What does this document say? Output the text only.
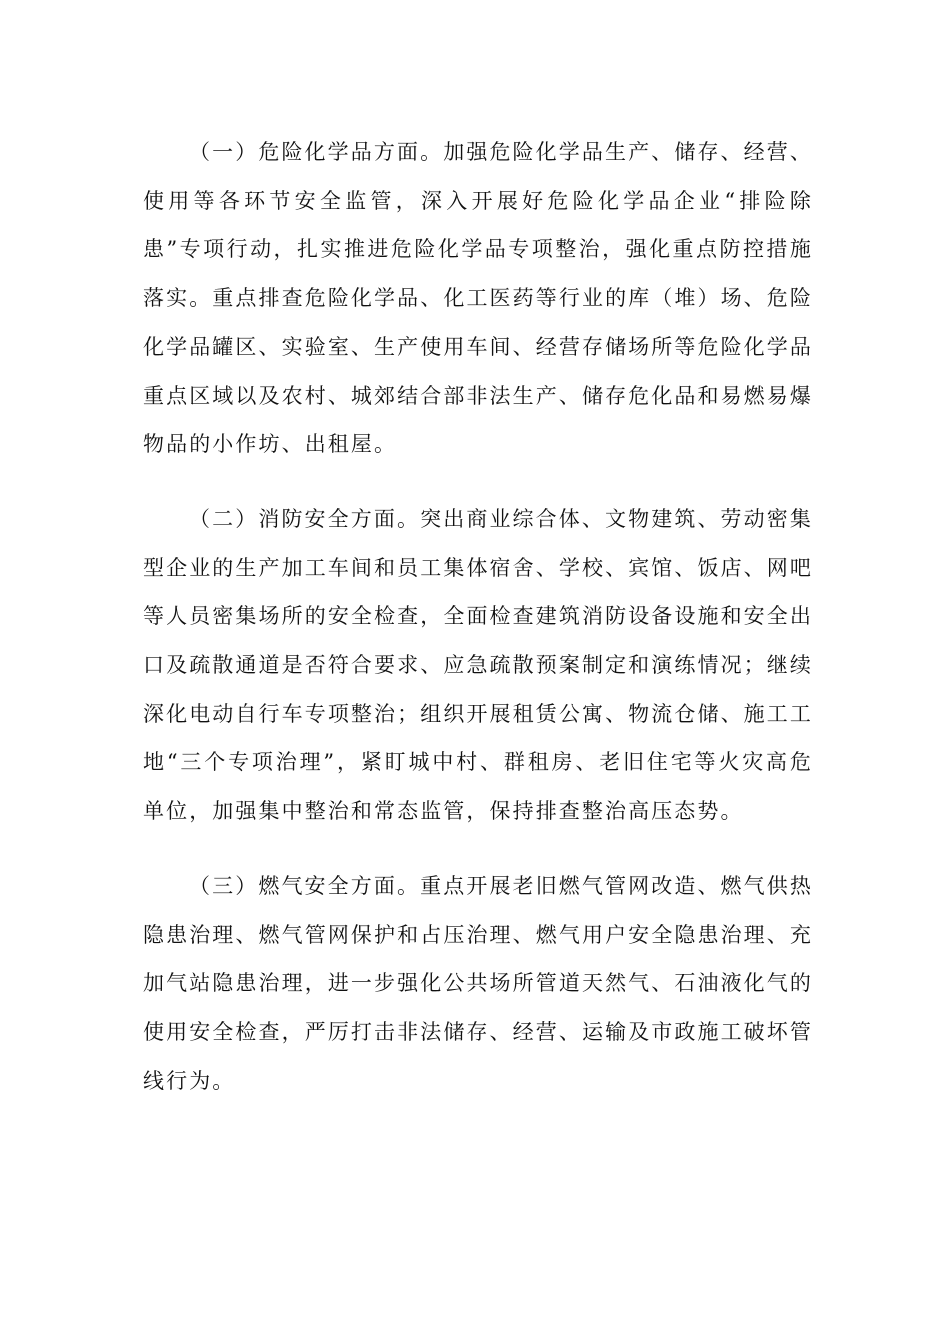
（一）危险化学品方面。加强危险化学品生产、储存、经营、使用等各环节安全监管，深入开展好危险化学品企业“排险除患”专项行动，扎实推进危险化学品专项整治，强化重点防控措施落实。重点排查危险化学品、化工医药等行业的库（堆）场、危险化学品罐区、实验室、生产使用车间、经营存储场所等危险化学品重点区域以及农村、城郊结合部非法生产、储存危化品和易燃易爆物品的小作坊、出租屋。

（二）消防安全方面。突出商业综合体、文物建筑、劳动密集型企业的生产加工车间和员工集体宿舍、学校、宾馆、饭店、网吧等人员密集场所的安全检查，全面检查建筑消防设备设施和安全出口及疏散通道是否符合要求、应急疏散预案制定和演练情况；继续深化电动自行车专项整治；组织开展租赁公寓、物流仓储、施工工地“三个专项治理”，紧盯城中村、群租房、老旧住宅等火灾高危单位，加强集中整治和常态监管，保持排查整治高压态势。

（三）燃气安全方面。重点开展老旧燃气管网改造、燃气供热隐患治理、燃气管网保护和占压治理、燃气用户安全隐患治理、充加气站隐患治理，进一步强化公共场所管道天然气、石油液化气的使用安全检查，严厉打击非法储存、经营、运输及市政施工破坏管线行为。
